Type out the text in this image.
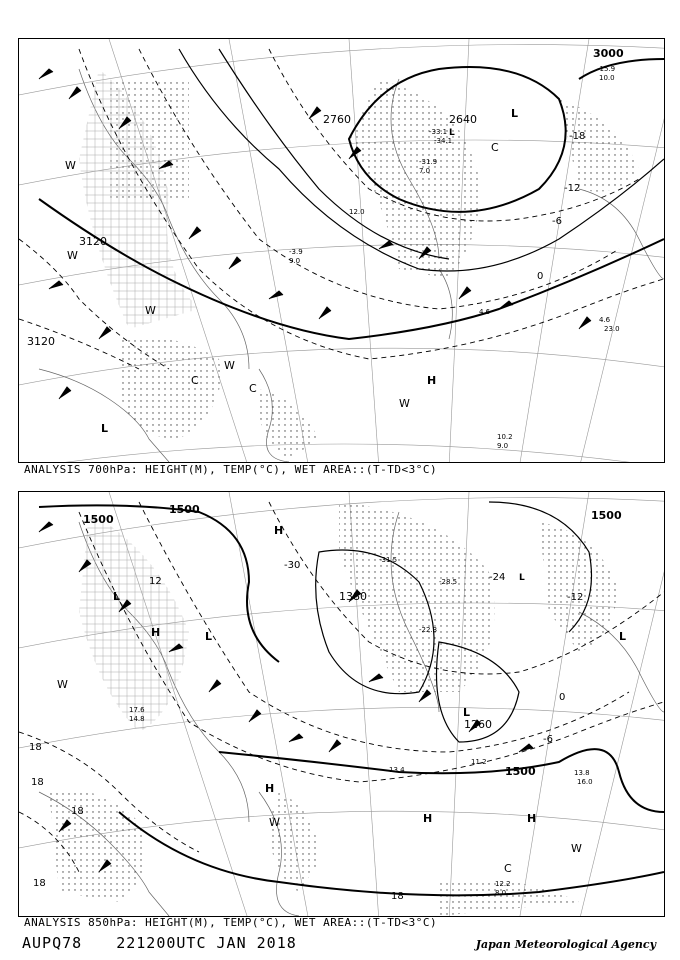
3000
3120
3120
2760	2640
-18
-12
-6
0
L
L
L
H
C
C
W
W
W
W
W
C
-15.9
10.0
-31.9
7.0
-33.1
-34.1
12.0
4.6
4.6
23.0
10.2
9.0
-3.9
9.0
ANALYSIS 700hPa: HEIGHT(M), TEMP(°C), WET AREA::(T-TD<3°C)
1500
1500	1500
1500
1380
1260
-30
-24
-12
-6
0
12
18
18
18
18
18
L
L	L
L
L
H
H
H
H	H
W
W
W
C
-31.5
-28.5
-22.3
13.4
11.2
13.8
16.0
12.2
8.0
17.6
14.8
ANALYSIS 850hPa: HEIGHT(M), TEMP(°C), WET AREA::(T-TD<3°C)
AUPQ78 221200UTC JAN 2018	Japan Meteorological Agency
